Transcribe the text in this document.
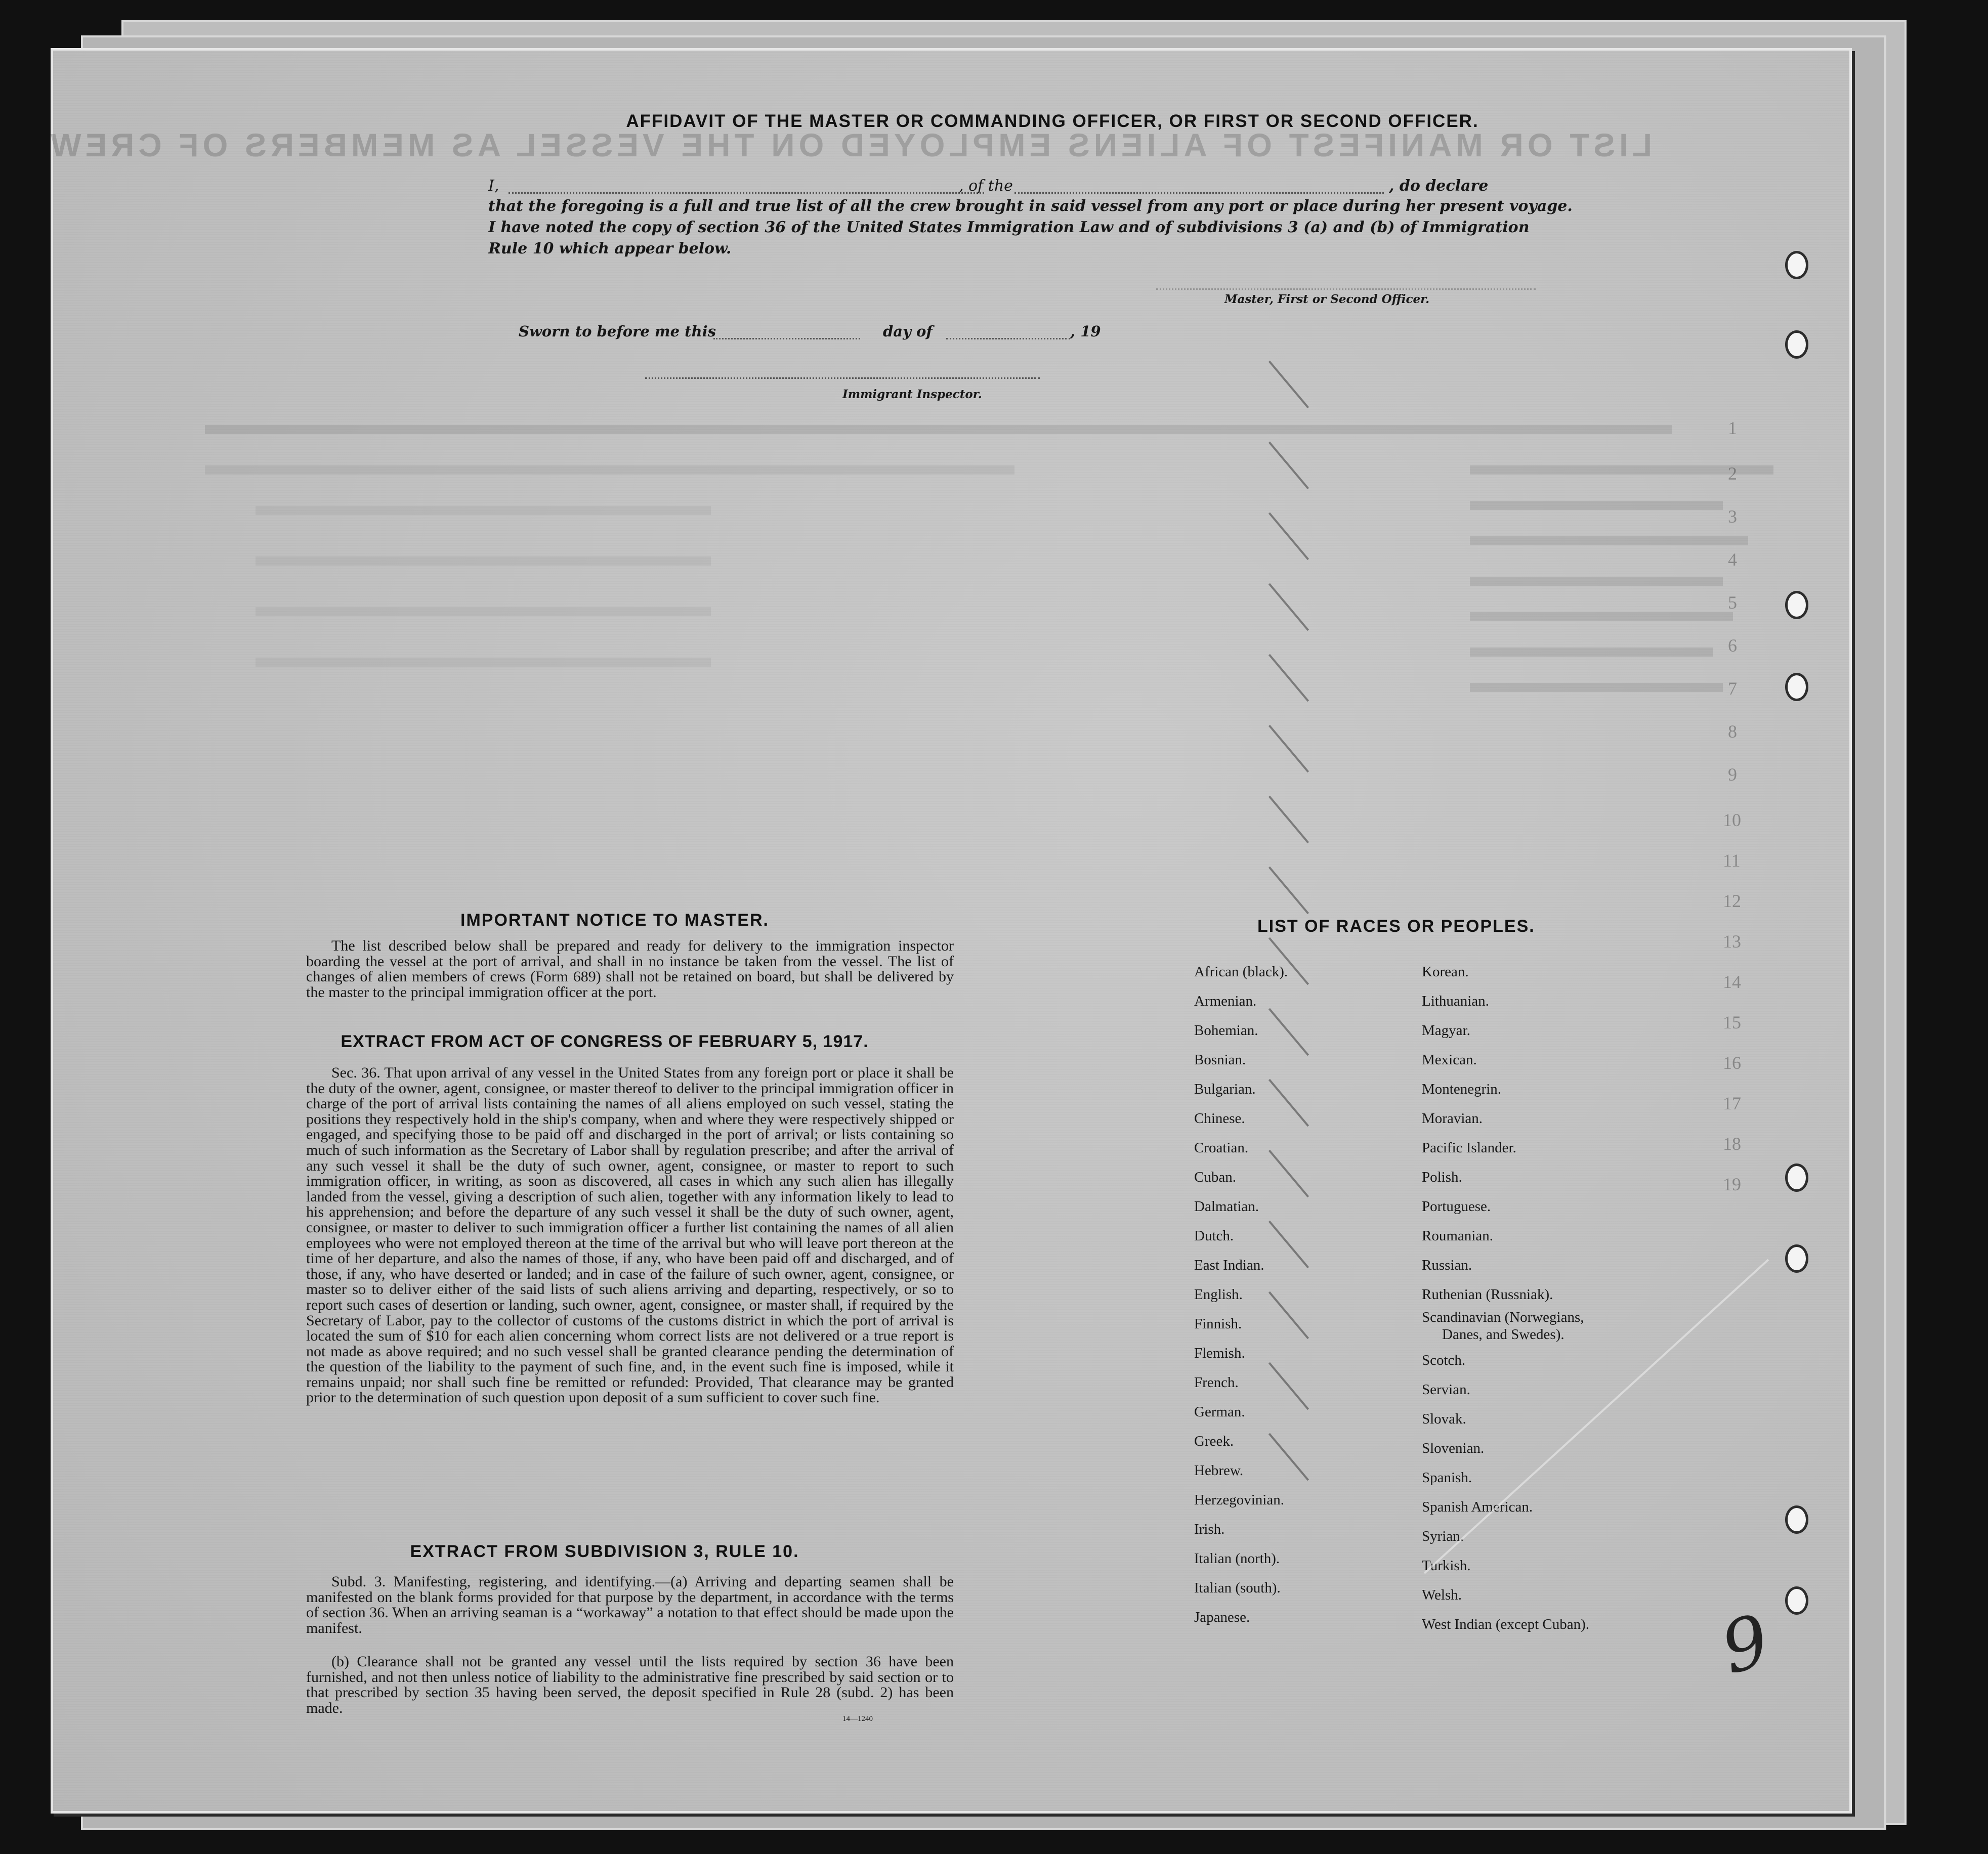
LIST OR MANIFEST OF ALIENS EMPLOYED ON THE VESSEL AS MEMBERS OF CREW
1
2
3
4
5
6
7
8
9
10
11
12
13
14
15
16
17
18
19
AFFIDAVIT OF THE MASTER OR COMMANDING OFFICER, OR FIRST OR SECOND OFFICER.
I,	, of the	, do declare
that the foregoing is a full and true list of all the crew brought in said vessel from any port or place during her present voyage.
I have noted the copy of section 36 of the United States Immigration Law and of subdivisions 3 (a) and (b) of Immigration
Rule 10 which appear below.
Master, First or Second Officer.
Sworn to before me this	day of	, 19
Immigrant Inspector.
IMPORTANT NOTICE TO MASTER.
The list described below shall be prepared and ready for delivery to the immigration inspector boarding the vessel at the port of arrival, and shall in no instance be taken from the vessel. The list of changes of alien members of crews (Form 689) shall not be retained on board, but shall be delivered by the master to the principal immigration officer at the port.
EXTRACT FROM ACT OF CONGRESS OF FEBRUARY 5, 1917.
Sec. 36. That upon arrival of any vessel in the United States from any foreign port or place it shall be the duty of the owner, agent, consignee, or master thereof to deliver to the principal immigration officer in charge of the port of arrival lists containing the names of all aliens employed on such vessel, stating the positions they respectively hold in the ship's company, when and where they were respectively shipped or engaged, and specifying those to be paid off and discharged in the port of arrival; or lists containing so much of such information as the Secretary of Labor shall by regulation prescribe; and after the arrival of any such vessel it shall be the duty of such owner, agent, consignee, or master to report to such immigration officer, in writing, as soon as discovered, all cases in which any such alien has illegally landed from the vessel, giving a description of such alien, together with any information likely to lead to his apprehension; and before the departure of any such vessel it shall be the duty of such owner, agent, consignee, or master to deliver to such immigration officer a further list containing the names of all alien employees who were not employed thereon at the time of the arrival but who will leave port thereon at the time of her departure, and also the names of those, if any, who have been paid off and discharged, and of those, if any, who have deserted or landed; and in case of the failure of such owner, agent, consignee, or master so to deliver either of the said lists of such aliens arriving and departing, respectively, or so to report such cases of desertion or landing, such owner, agent, consignee, or master shall, if required by the Secretary of Labor, pay to the collector of customs of the customs district in which the port of arrival is located the sum of $10 for each alien concerning whom correct lists are not delivered or a true report is not made as above required; and no such vessel shall be granted clearance pending the determination of the question of the liability to the payment of such fine, and, in the event such fine is imposed, while it remains unpaid; nor shall such fine be remitted or refunded: Provided, That clearance may be granted prior to the determination of such question upon deposit of a sum sufficient to cover such fine.
EXTRACT FROM SUBDIVISION 3, RULE 10.
Subd. 3. Manifesting, registering, and identifying.—(a) Arriving and departing seamen shall be manifested on the blank forms provided for that purpose by the department, in accordance with the terms of section 36. When an arriving seaman is a “workaway” a notation to that effect should be made upon the manifest.
(b) Clearance shall not be granted any vessel until the lists required by section 36 have been furnished, and not then unless notice of liability to the administrative fine prescribed by said section or to that prescribed by section 35 having been served, the deposit specified in Rule 28 (subd. 2) has been made.
14—1240
LIST OF RACES OR PEOPLES.
African (black).
Armenian.
Bohemian.
Bosnian.
Bulgarian.
Chinese.
Croatian.
Cuban.
Dalmatian.
Dutch.
East Indian.
English.
Finnish.
Flemish.
French.
German.
Greek.
Hebrew.
Herzegovinian.
Irish.
Italian (north).
Italian (south).
Japanese.
Korean.
Lithuanian.
Magyar.
Mexican.
Montenegrin.
Moravian.
Pacific Islander.
Polish.
Portuguese.
Roumanian.
Russian.
Ruthenian (Russniak).
Scandinavian (Norwegians,
Danes, and Swedes).
Scotch.
Servian.
Slovak.
Slovenian.
Spanish.
Spanish American.
Syrian.
Turkish.
Welsh.
West Indian (except Cuban). 9
